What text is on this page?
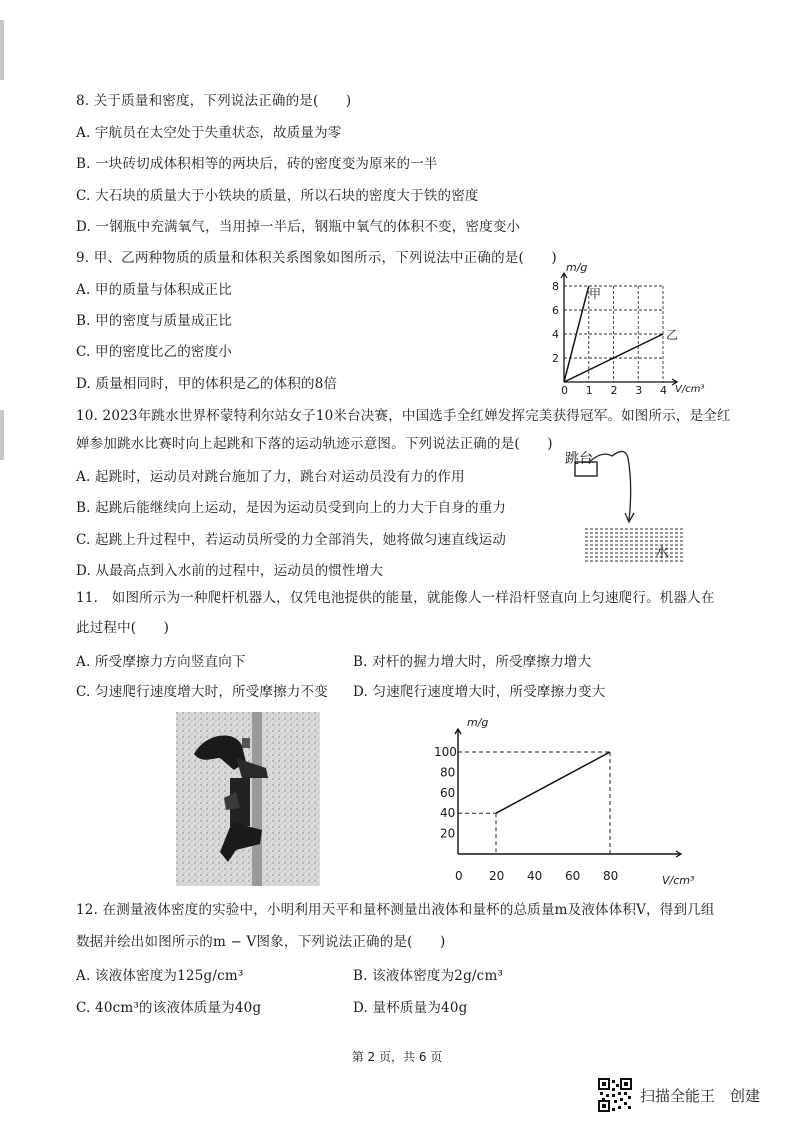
8. 关于质量和密度，下列说法正确的是(　　)
A. 宇航员在太空处于失重状态，故质量为零
B. 一块砖切成体积相等的两块后，砖的密度变为原来的一半
C. 大石块的质量大于小铁块的质量，所以石块的密度大于铁的密度
D. 一钢瓶中充满氧气，当用掉一半后，钢瓶中氧气的体积不变，密度变小
9. 甲、乙两种物质的质量和体积关系图象如图所示，下列说法中正确的是(　　)
A. 甲的质量与体积成正比
B. 甲的密度与质量成正比
C. 甲的密度比乙的密度小
D. 质量相同时，甲的体积是乙的体积的8倍	0 1 2 3 4
2
4
6
8
m/g
V/cm³
甲
乙
10. 2023年跳水世界杯蒙特利尔站女子10米台决赛，中国选手全红婵发挥完美获得冠军。如图所示，是全红
婵参加跳水比赛时向上起跳和下落的运动轨迹示意图。下列说法正确的是(　　)
A. 起跳时，运动员对跳台施加了力，跳台对运动员没有力的作用
B. 起跳后能继续向上运动，是因为运动员受到向上的力大于自身的重力
C. 起跳上升过程中，若运动员所受的力全部消失，她将做匀速直线运动
D. 从最高点到入水前的过程中，运动员的惯性增大
跳台
水
11.　如图所示为一种爬杆机器人，仅凭电池提供的能量，就能像人一样沿杆竖直向上匀速爬行。机器人在
此过程中(　　)
A. 所受摩擦力方向竖直向下	B. 对杆的握力增大时，所受摩擦力增大
C. 匀速爬行速度增大时，所受摩擦力不变 D. 匀速爬行速度增大时，所受摩擦力变大
0 20 40 60 80
20
40
60
80
100
m/g
V/cm³
12. 在测量液体密度的实验中，小明利用天平和量杯测量出液体和量杯的总质量m及液体体积V，得到几组
数据并绘出如图所示的m − V图象，下列说法正确的是(　　)
A. 该液体密度为125g/cm³	B. 该液体密度为2g/cm³
C. 40cm³的该液体质量为40g	D. 量杯质量为40g
第 2 页，共 6 页
扫描全能王　创建
